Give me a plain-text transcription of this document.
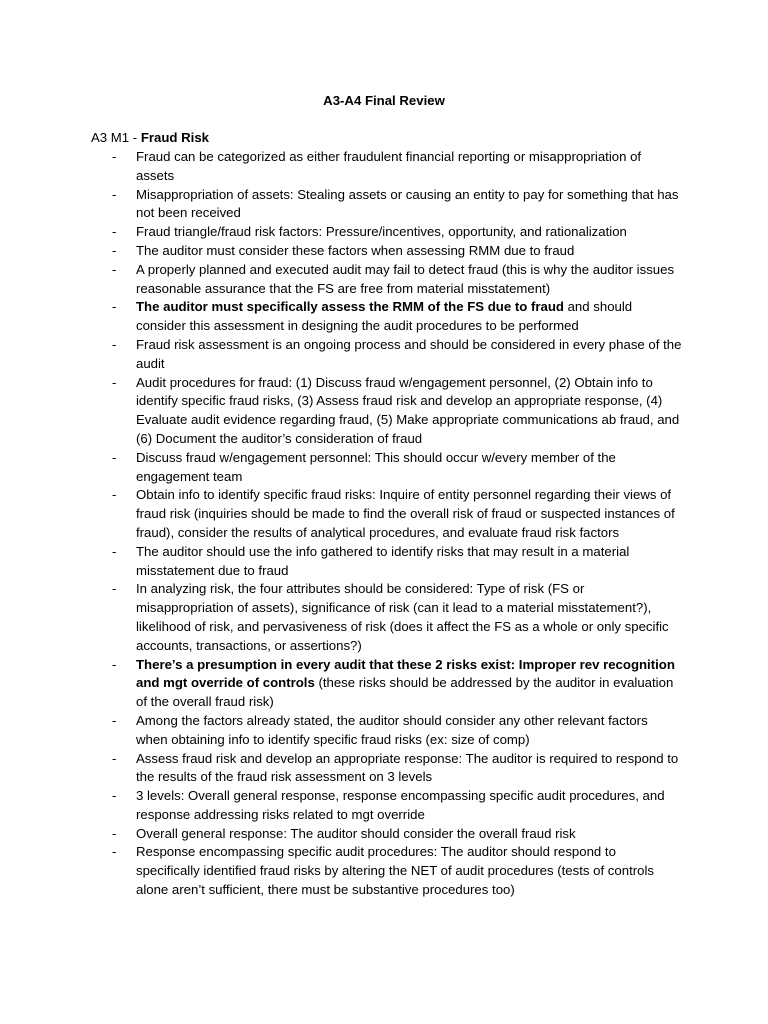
A3-A4 Final Review
A3 M1 - Fraud Risk
- Fraud can be categorized as either fraudulent financial reporting or misappropriation of assets
- Misappropriation of assets: Stealing assets or causing an entity to pay for something that has not been received
- Fraud triangle/fraud risk factors: Pressure/incentives, opportunity, and rationalization
- The auditor must consider these factors when assessing RMM due to fraud
- A properly planned and executed audit may fail to detect fraud (this is why the auditor issues reasonable assurance that the FS are free from material misstatement)
- The auditor must specifically assess the RMM of the FS due to fraud and should consider this assessment in designing the audit procedures to be performed
- Fraud risk assessment is an ongoing process and should be considered in every phase of the audit
- Audit procedures for fraud: (1) Discuss fraud w/engagement personnel, (2) Obtain info to identify specific fraud risks, (3) Assess fraud risk and develop an appropriate response, (4) Evaluate audit evidence regarding fraud, (5) Make appropriate communications ab fraud, and (6) Document the auditor’s consideration of fraud
- Discuss fraud w/engagement personnel: This should occur w/every member of the engagement team
- Obtain info to identify specific fraud risks: Inquire of entity personnel regarding their views of fraud risk (inquiries should be made to find the overall risk of fraud or suspected instances of fraud), consider the results of analytical procedures, and evaluate fraud risk factors
- The auditor should use the info gathered to identify risks that may result in a material misstatement due to fraud
- In analyzing risk, the four attributes should be considered: Type of risk (FS or misappropriation of assets), significance of risk (can it lead to a material misstatement?), likelihood of risk, and pervasiveness of risk (does it affect the FS as a whole or only specific accounts, transactions, or assertions?)
- There’s a presumption in every audit that these 2 risks exist: Improper rev recognition and mgt override of controls (these risks should be addressed by the auditor in evaluation of the overall fraud risk)
- Among the factors already stated, the auditor should consider any other relevant factors when obtaining info to identify specific fraud risks (ex: size of comp)
- Assess fraud risk and develop an appropriate response: The auditor is required to respond to the results of the fraud risk assessment on 3 levels
- 3 levels: Overall general response, response encompassing specific audit procedures, and response addressing risks related to mgt override
- Overall general response: The auditor should consider the overall fraud risk
- Response encompassing specific audit procedures: The auditor should respond to specifically identified fraud risks by altering the NET of audit procedures (tests of controls alone aren’t sufficient, there must be substantive procedures too)
